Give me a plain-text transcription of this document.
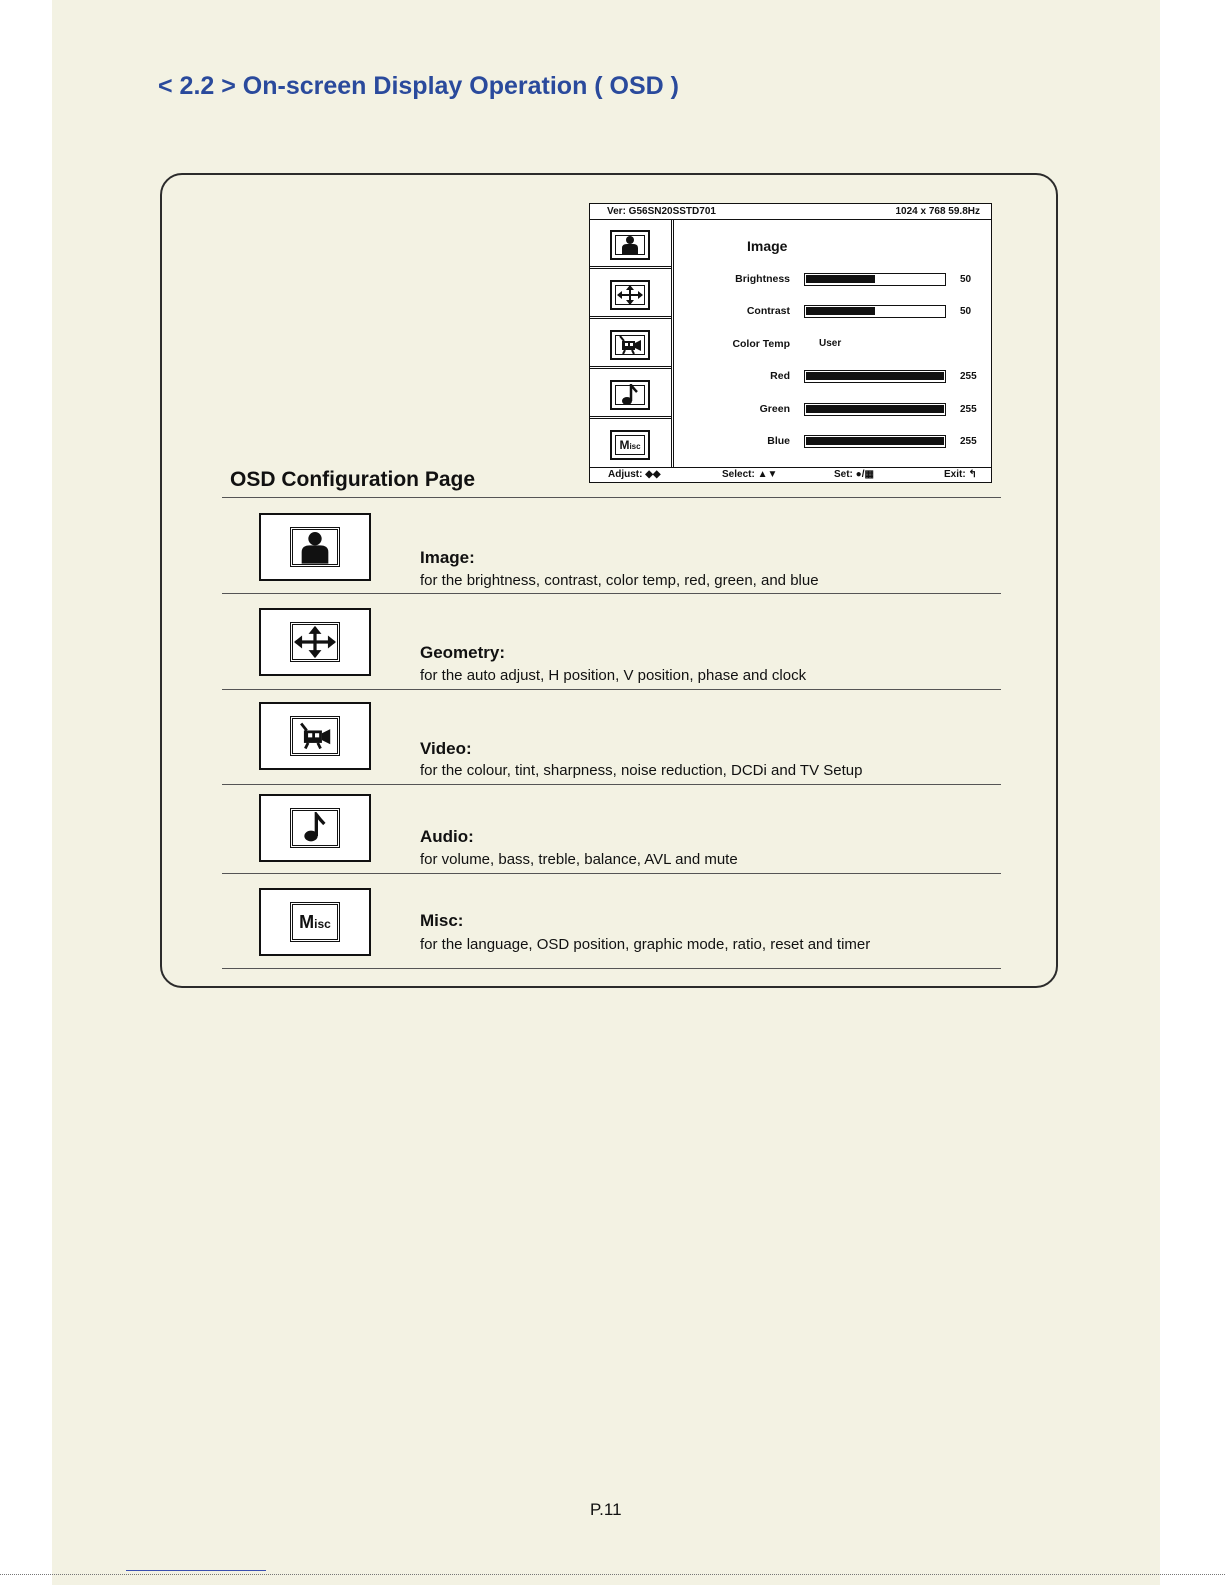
< 2.2 > On-screen Display Operation ( OSD )
Ver: G56SN20SSTD701	1024 x 768 59.8Hz
Misc
Image
Brightness	50
Contrast	50
Color Temp	User
Red	255
Green	255
Blue	255
Adjust: ◆◆	Select: ▲▼	Set: ●/▦	Exit: ↰
OSD Configuration Page
Image:
for the brightness, contrast, color temp, red, green, and blue
Geometry:
for the auto adjust, H position, V position, phase and clock
Video:
for the colour, tint, sharpness, noise reduction, DCDi and TV Setup
Audio:
for volume, bass, treble, balance, AVL and mute
Misc	Misc:
for the language, OSD position, graphic mode, ratio, reset and timer
P.11
